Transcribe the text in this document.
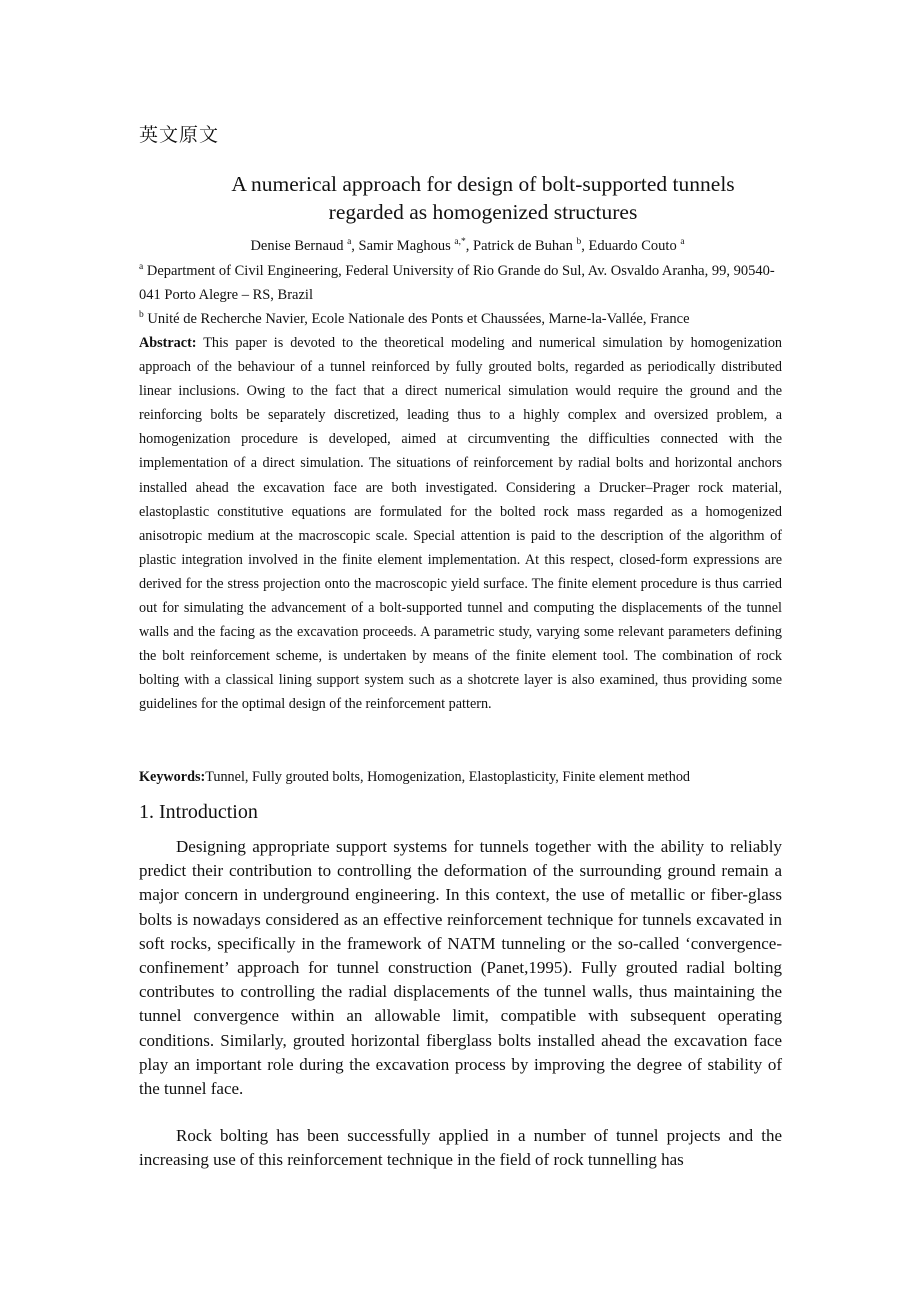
英文原文
A numerical approach for design of bolt-supported tunnels
regarded as homogenized structures

Denise Bernaud $^a$, Samir Maghous $^{a,*}$, Patrick de Buhan $^b$, Eduardo Couto $^a$

$^a$ Department of Civil Engineering, Federal University of Rio Grande do Sul, Av. Osvaldo Aranha, 99, 90540-041 Porto Alegre – RS, Brazil

$^b$ Unité de Recherche Navier, Ecole Nationale des Ponts et Chaussées, Marne-la-Vallée, France

Abstract: This paper is devoted to the theoretical modeling and numerical simulation by homogenization approach of the behaviour of a tunnel reinforced by fully grouted bolts, regarded as periodically distributed linear inclusions. Owing to the fact that a direct numerical simulation would require the ground and the reinforcing bolts be separately discretized, leading thus to a highly complex and oversized problem, a homogenization procedure is developed, aimed at circumventing the difficulties connected with the implementation of a direct simulation. The situations of reinforcement by radial bolts and horizontal anchors installed ahead the excavation face are both investigated. Considering a Drucker–Prager rock material, elastoplastic constitutive equations are formulated for the bolted rock mass regarded as a homogenized anisotropic medium at the macroscopic scale. Special attention is paid to the description of the algorithm of plastic integration involved in the finite element implementation. At this respect, closed-form expressions are derived for the stress projection onto the macroscopic yield surface. The finite element procedure is thus carried out for simulating the advancement of a bolt-supported tunnel and computing the displacements of the tunnel walls and the facing as the excavation proceeds. A parametric study, varying some relevant parameters defining the bolt reinforcement scheme, is undertaken by means of the finite element tool. The combination of rock bolting with a classical lining support system such as a shotcrete layer is also examined, thus providing some guidelines for the optimal design of the reinforcement pattern.

Keywords:Tunnel, Fully grouted bolts, Homogenization, Elastoplasticity, Finite element method

1. Introduction

Designing appropriate support systems for tunnels together with the ability to reliably predict their contribution to controlling the deformation of the surrounding ground remain a major concern in underground engineering. In this context, the use of metallic or fiber-glass bolts is nowadays considered as an effective reinforcement technique for tunnels excavated in soft rocks, specifically in the framework of NATM tunneling or the so-called ‘convergence-confinement’ approach for tunnel construction (Panet,1995). Fully grouted radial bolting contributes to controlling the radial displacements of the tunnel walls, thus maintaining the tunnel convergence within an allowable limit, compatible with subsequent operating conditions. Similarly, grouted horizontal fiberglass bolts installed ahead the excavation face play an important role during the excavation process by improving the degree of stability of the tunnel face.

Rock bolting has been successfully applied in a number of tunnel projects and the increasing use of this reinforcement technique in the field of rock tunnelling has
